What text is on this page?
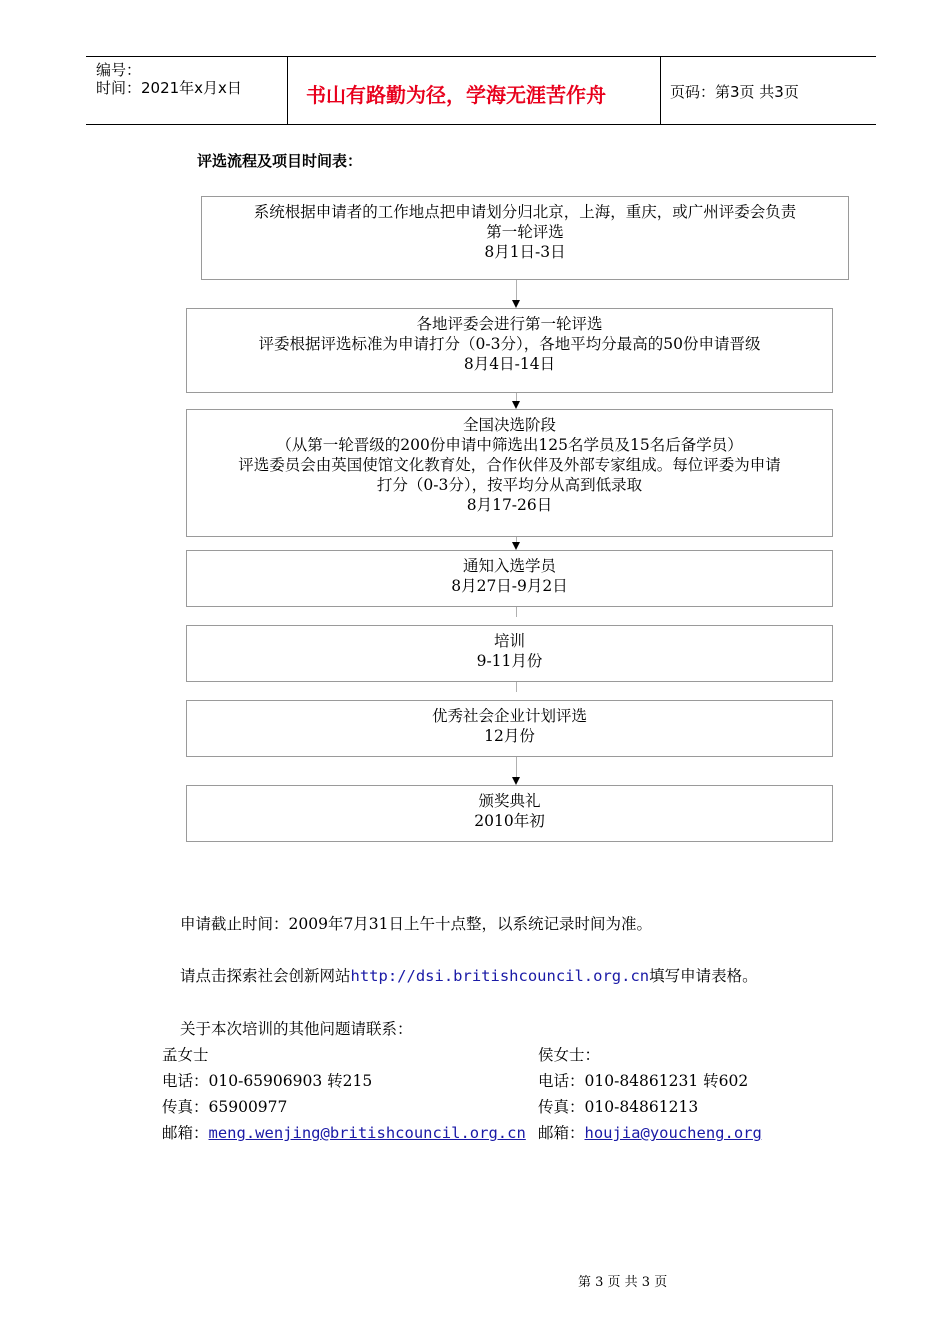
编号：
时间：2021年x月x日	书山有路勤为径，学海无涯苦作舟	页码：第3页 共3页
评选流程及项目时间表：
系统根据申请者的工作地点把申请划分归北京，上海，重庆，或广州评委会负责
第一轮评选
8月1日-3日
各地评委会进行第一轮评选
评委根据评选标准为申请打分（0-3分），各地平均分最高的50份申请晋级
8月4日-14日
全国决选阶段
（从第一轮晋级的200份申请中筛选出125名学员及15名后备学员）
评选委员会由英国使馆文化教育处，合作伙伴及外部专家组成。每位评委为申请
打分（0-3分），按平均分从高到低录取
8月17-26日
通知入选学员
8月27日-9月2日
培训
9-11月份
优秀社会企业计划评选
12月份
颁奖典礼
2010年初
申请截止时间：2009年7月31日上午十点整，以系统记录时间为准。
请点击探索社会创新网站http://dsi.britishcouncil.org.cn填写申请表格。
关于本次培训的其他问题请联系：
孟女士
电话：010-65906903 转215
传真：65900977
邮箱：meng.wenjing@britishcouncil.org.cn
侯女士：
电话：010-84861231 转602
传真：010-84861213
邮箱：houjia@youcheng.org
第 3 页 共 3 页
